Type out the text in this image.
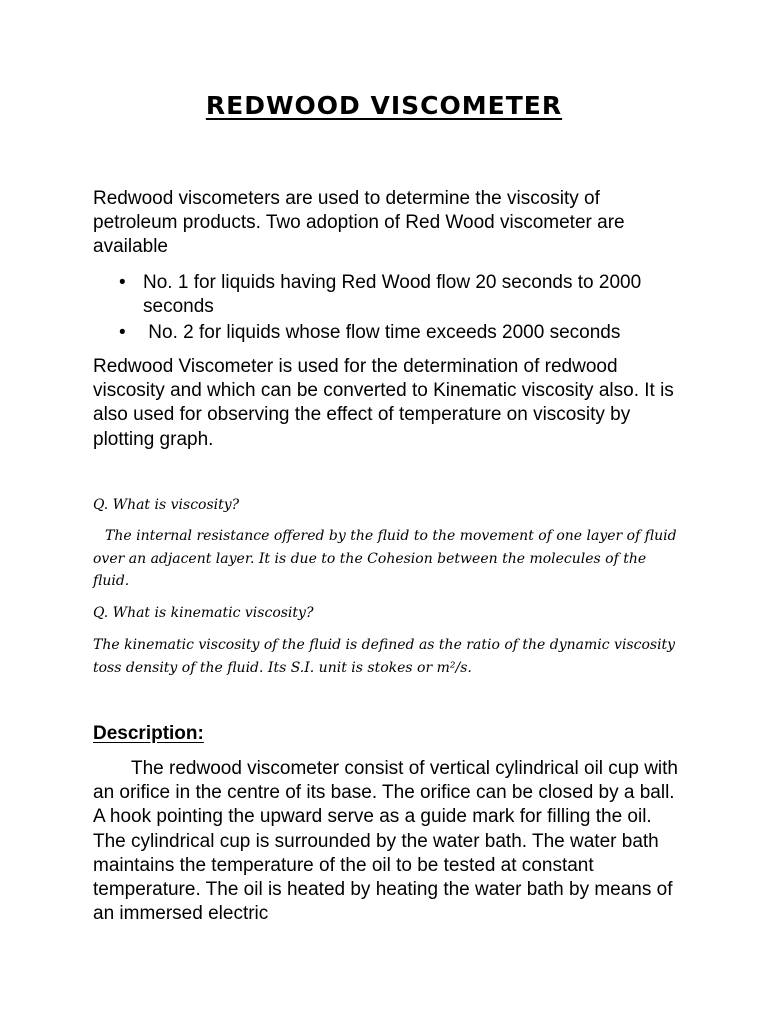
REDWOOD VISCOMETER
Redwood viscometers are used to determine the viscosity of petroleum products. Two adoption of Red Wood viscometer are available
• No. 1 for liquids having Red Wood flow 20 seconds to 2000 seconds
• No. 2 for liquids whose flow time exceeds 2000 seconds
Redwood Viscometer is used for the determination of redwood viscosity and which can be converted to Kinematic viscosity also. It is also used for observing the effect of temperature on viscosity by plotting graph.
Q. What is viscosity?
The internal resistance offered by the fluid to the movement of one layer of fluid over an adjacent layer. It is due to the Cohesion between the molecules of the fluid.
Q. What is kinematic viscosity?
The kinematic viscosity of the fluid is defined as the ratio of the dynamic viscosity toss density of the fluid. Its S.I. unit is stokes or m²/s.
Description:
The redwood viscometer consist of vertical cylindrical oil cup with an orifice in the centre of its base. The orifice can be closed by a ball. A hook pointing the upward serve as a guide mark for filling the oil. The cylindrical cup is surrounded by the water bath. The water bath maintains the temperature of the oil to be tested at constant temperature. The oil is heated by heating the water bath by means of an immersed electric
